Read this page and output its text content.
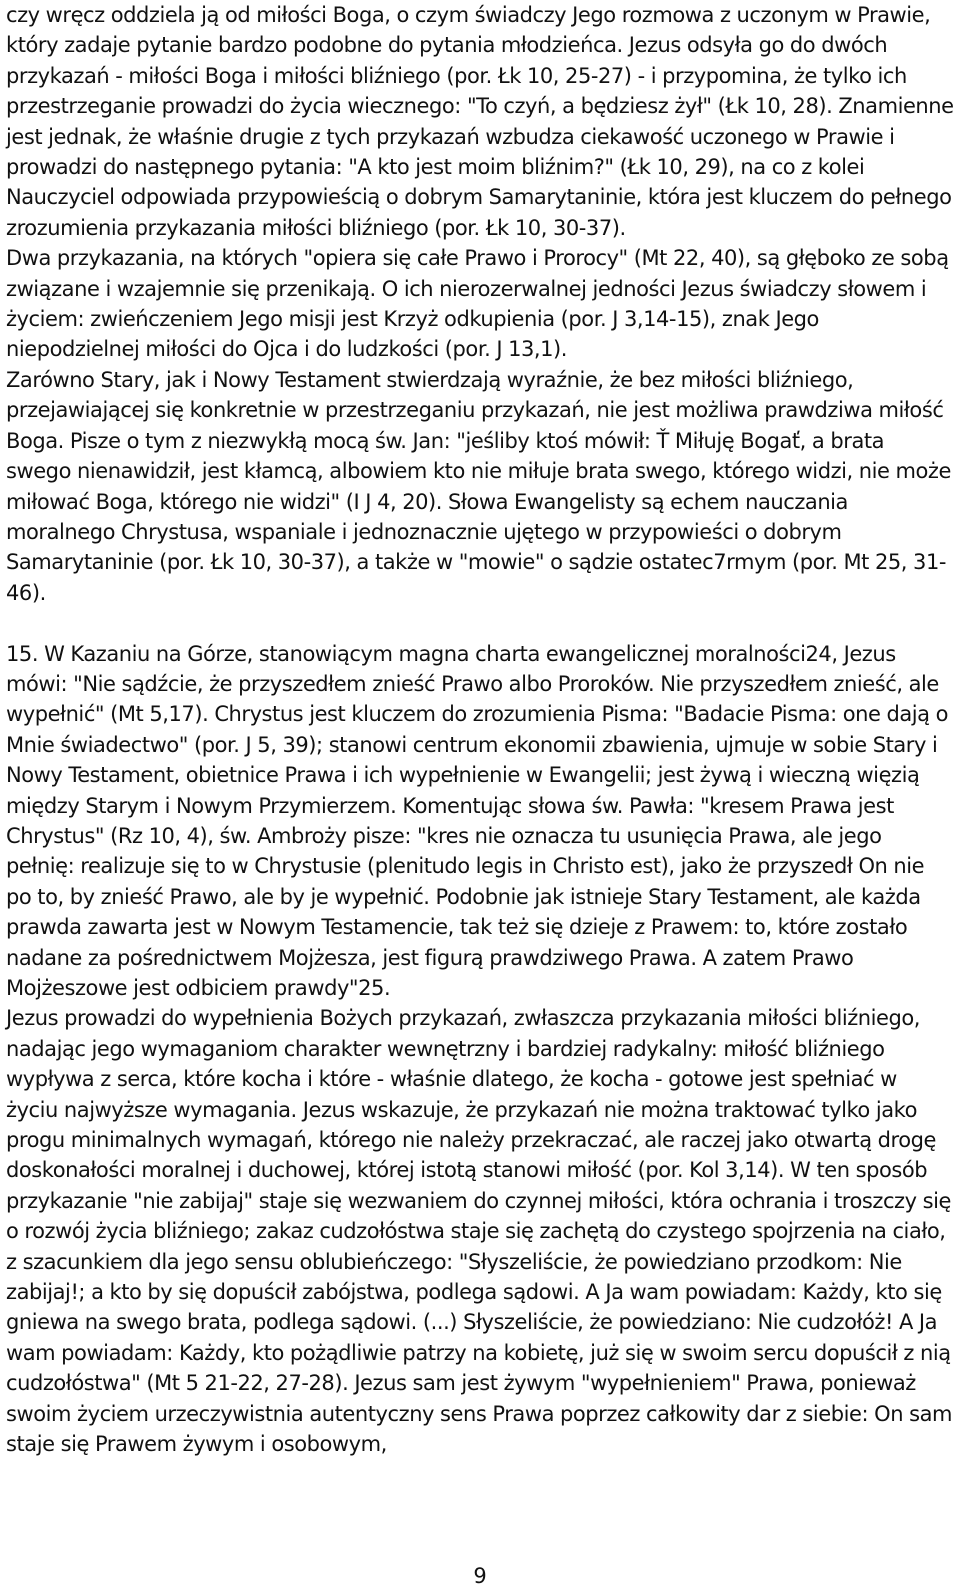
czy wręcz oddziela ją od miłości Boga, o czym świadczy Jego rozmowa z uczonym w Prawie, który zadaje pytanie bardzo podobne do pytania młodzieńca. Jezus odsyła go do dwóch przykazań - miłości Boga i miłości bliźniego (por. Łk 10, 25-27) - i przypomina, że tylko ich przestrzeganie prowadzi do życia wiecznego: "To czyń, a będziesz żył" (Łk 10, 28). Znamienne jest jednak, że właśnie drugie z tych przykazań wzbudza ciekawość uczonego w Prawie i prowadzi do następnego pytania: "A kto jest moim bliźnim?" (Łk 10, 29), na co z kolei Nauczyciel odpowiada przypowieścią o dobrym Samarytaninie, która jest kluczem do pełnego zrozumienia przykazania miłości bliźniego (por. Łk 10, 30-37).

Dwa przykazania, na których "opiera się całe Prawo i Prorocy" (Mt 22, 40), są głęboko ze sobą związane i wzajemnie się przenikają. O ich nierozerwalnej jedności Jezus świadczy słowem i życiem: zwieńczeniem Jego misji jest Krzyż odkupienia (por. J 3,14-15), znak Jego niepodzielnej miłości do Ojca i do ludzkości (por. J 13,1).

Zarówno Stary, jak i Nowy Testament stwierdzają wyraźnie, że bez miłości bliźniego, przejawiającej się konkretnie w przestrzeganiu przykazań, nie jest możliwa prawdziwa miłość Boga. Pisze o tym z niezwykłą mocą św. Jan: "jeśliby ktoś mówił: Ť Miłuję Bogať, a brata swego nienawidził, jest kłamcą, albowiem kto nie miłuje brata swego, którego widzi, nie może miłować Boga, którego nie widzi" (I J 4, 20). Słowa Ewangelisty są echem nauczania moralnego Chrystusa, wspaniale i jednoznacznie ujętego w przypowieści o dobrym Samarytaninie (por. Łk 10, 30-37), a także w "mowie" o sądzie ostatec7rmym (por. Mt 25, 31-46).

15. W Kazaniu na Górze, stanowiącym magna charta ewangelicznej moralności24, Jezus mówi: "Nie sądźcie, że przyszedłem znieść Prawo albo Proroków. Nie przyszedłem znieść, ale wypełnić" (Mt 5,17). Chrystus jest kluczem do zrozumienia Pisma: "Badacie Pisma: one dają o Mnie świadectwo" (por. J 5, 39); stanowi centrum ekonomii zbawienia, ujmuje w sobie Stary i Nowy Testament, obietnice Prawa i ich wypełnienie w Ewangelii; jest żywą i wieczną więzią między Starym i Nowym Przymierzem. Komentując słowa św. Pawła: "kresem Prawa jest Chrystus" (Rz 10, 4), św. Ambroży pisze: "kres nie oznacza tu usunięcia Prawa, ale jego pełnię: realizuje się to w Chrystusie (plenitudo legis in Christo est), jako że przyszedł On nie po to, by znieść Prawo, ale by je wypełnić. Podobnie jak istnieje Stary Testament, ale każda prawda zawarta jest w Nowym Testamencie, tak też się dzieje z Prawem: to, które zostało nadane za pośrednictwem Mojżesza, jest figurą prawdziwego Prawa. A zatem Prawo Mojżeszowe jest odbiciem prawdy"25.

Jezus prowadzi do wypełnienia Bożych przykazań, zwłaszcza przykazania miłości bliźniego, nadając jego wymaganiom charakter wewnętrzny i bardziej radykalny: miłość bliźniego wypływa z serca, które kocha i które - właśnie dlatego, że kocha - gotowe jest spełniać w życiu najwyższe wymagania. Jezus wskazuje, że przykazań nie można traktować tylko jako progu minimalnych wymagań, którego nie należy przekraczać, ale raczej jako otwartą drogę doskonałości moralnej i duchowej, której istotą stanowi miłość (por. Kol 3,14). W ten sposób przykazanie "nie zabijaj" staje się wezwaniem do czynnej miłości, która ochrania i troszczy się o rozwój życia bliźniego; zakaz cudzołóstwa staje się zachętą do czystego spojrzenia na ciało, z szacunkiem dla jego sensu oblubieńczego: "Słyszeliście, że powiedziano przodkom: Nie zabijaj!; a kto by się dopuścił zabójstwa, podlega sądowi. A Ja wam powiadam: Każdy, kto się gniewa na swego brata, podlega sądowi. (...) Słyszeliście, że powiedziano: Nie cudzołóż! A Ja wam powiadam: Każdy, kto pożądliwie patrzy na kobietę, już się w swoim sercu dopuścił z nią cudzołóstwa" (Mt 5 21-22, 27-28). Jezus sam jest żywym "wypełnieniem" Prawa, ponieważ swoim życiem urzeczywistnia autentyczny sens Prawa poprzez całkowity dar z siebie: On sam staje się Prawem żywym i osobowym,

9
